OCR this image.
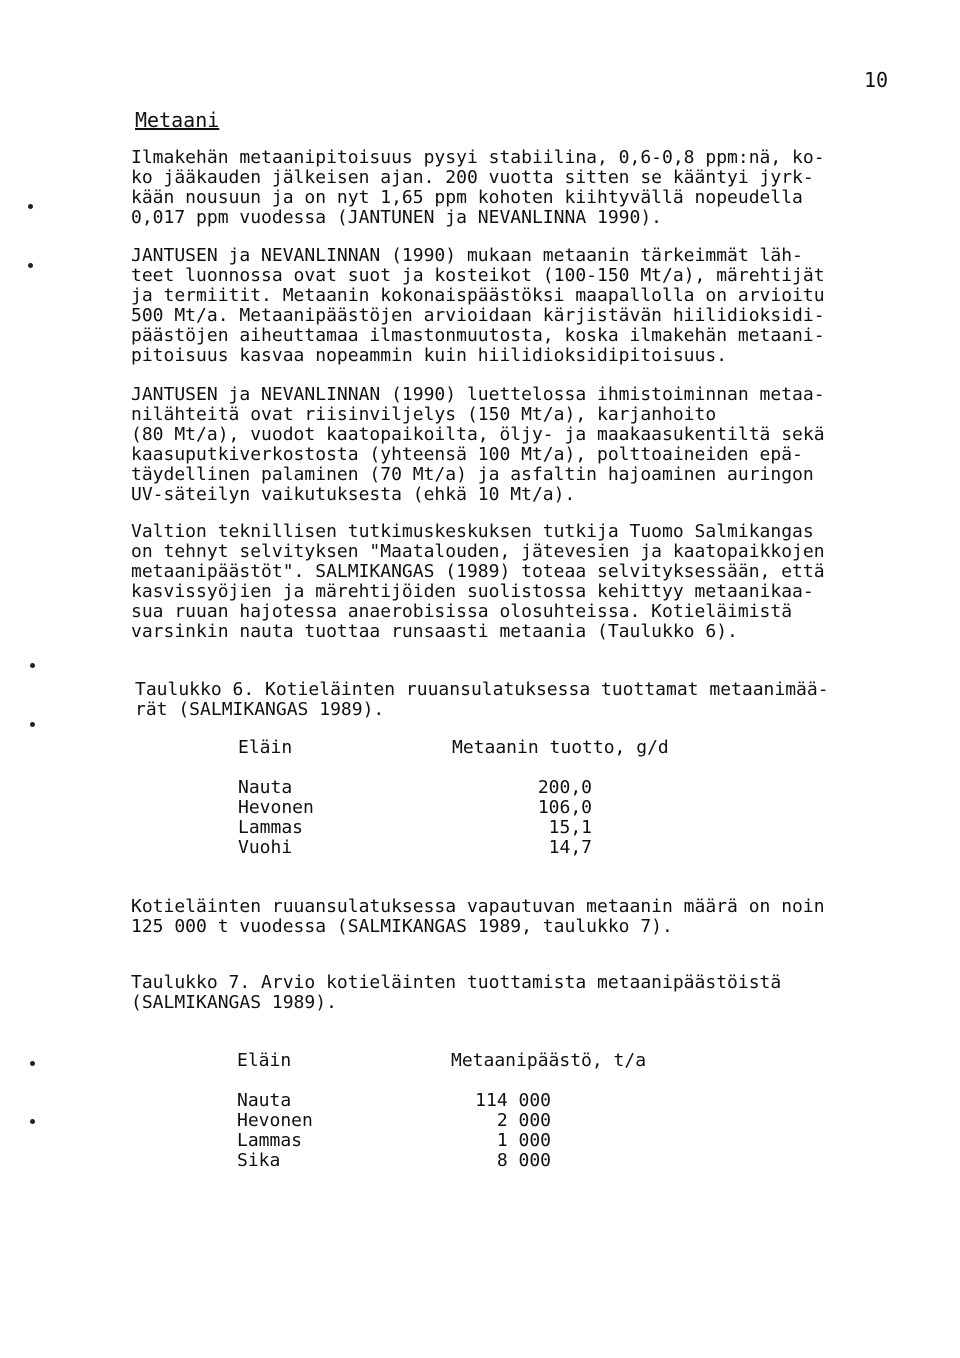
10
Metaani

Ilmakehän metaanipitoisuus pysyi stabiilina, 0,6-0,8 ppm:nä, ko-
ko jääkauden jälkeisen ajan. 200 vuotta sitten se kääntyi jyrk-
kään nousuun ja on nyt 1,65 ppm kohoten kiihtyvällä nopeudella
0,017 ppm vuodessa (JANTUNEN ja NEVANLINNA 1990).

JANTUSEN ja NEVANLINNAN (1990) mukaan metaanin tärkeimmät läh-
teet luonnossa ovat suot ja kosteikot (100-150 Mt/a), märehtijät
ja termiitit. Metaanin kokonaispäästöksi maapallolla on arvioitu
500 Mt/a. Metaanipäästöjen arvioidaan kärjistävän hiilidioksidi-
päästöjen aiheuttamaa ilmastonmuutosta, koska ilmakehän metaani-
pitoisuus kasvaa nopeammin kuin hiilidioksidipitoisuus.

JANTUSEN ja NEVANLINNAN (1990) luettelossa ihmistoiminnan metaa-
nilähteitä ovat riisinviljelys (150 Mt/a), karjanhoito
(80 Mt/a), vuodot kaatopaikoilta, öljy- ja maakaasukentiltä sekä
kaasuputkiverkostosta (yhteensä 100 Mt/a), polttoaineiden epä-
täydellinen palaminen (70 Mt/a) ja asfaltin hajoaminen auringon
UV-säteilyn vaikutuksesta (ehkä 10 Mt/a).

Valtion teknillisen tutkimuskeskuksen tutkija Tuomo Salmikangas
on tehnyt selvityksen "Maatalouden, jätevesien ja kaatopaikkojen
metaanipäästöt". SALMIKANGAS (1989) toteaa selvityksessään, että
kasvissyöjien ja märehtijöiden suolistossa kehittyy metaanikaa-
sua ruuan hajotessa anaerobisissa olosuhteissa. Kotieläimistä
varsinkin nauta tuottaa runsaasti metaania (Taulukko 6).

Taulukko 6. Kotieläinten ruuansulatuksessa tuottamat metaanimää-
rät (SALMIKANGAS 1989).
Eläin	Metaanin tuotto, g/d
Nauta	200,0
Hevonen	106,0
Lammas	15,1
Vuohi	14,7

Kotieläinten ruuansulatuksessa vapautuvan metaanin määrä on noin
125 000 t vuodessa (SALMIKANGAS 1989, taulukko 7).

Taulukko 7. Arvio kotieläinten tuottamista metaanipäästöistä
(SALMIKANGAS 1989).
Eläin	Metaanipäästö, t/a
Nauta	114 000
Hevonen	2 000
Lammas	1 000
Sika	8 000
